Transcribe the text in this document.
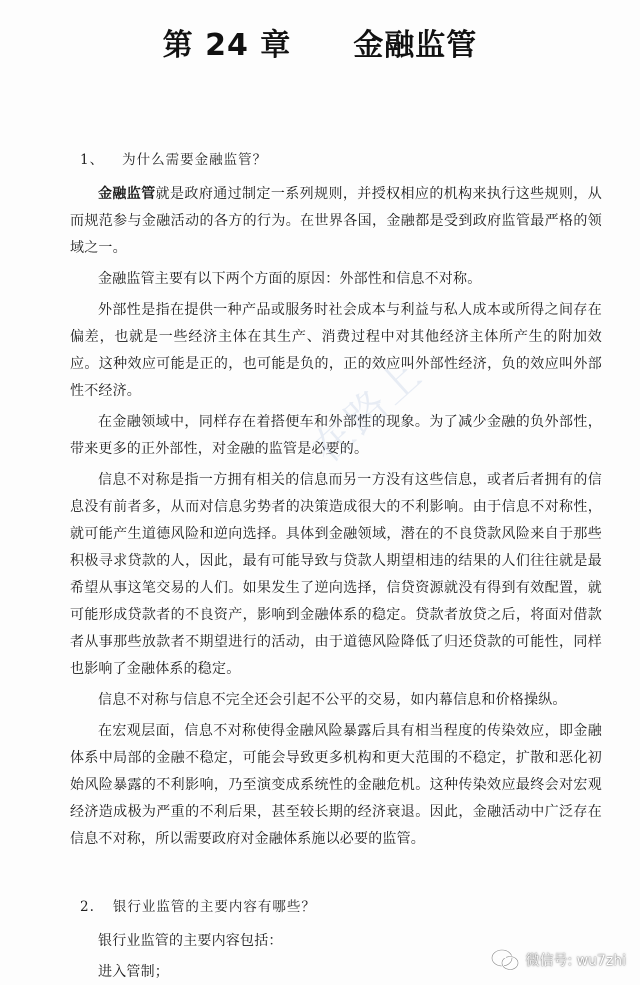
第 24 章 金融监管
1、 为什么需要金融监管？

金融监管就是政府通过制定一系列规则，并授权相应的机构来执行这些规则，从而规范参与金融活动的各方的行为。在世界各国，金融都是受到政府监管最严格的领域之一。

金融监管主要有以下两个方面的原因：外部性和信息不对称。

外部性是指在提供一种产品或服务时社会成本与利益与私人成本或所得之间存在偏差，也就是一些经济主体在其生产、消费过程中对其他经济主体所产生的附加效应。这种效应可能是正的，也可能是负的，正的效应叫外部性经济，负的效应叫外部性不经济。

在金融领域中，同样存在着搭便车和外部性的现象。为了减少金融的负外部性，带来更多的正外部性，对金融的监管是必要的。

信息不对称是指一方拥有相关的信息而另一方没有这些信息，或者后者拥有的信息没有前者多，从而对信息劣势者的决策造成很大的不利影响。由于信息不对称性，就可能产生道德风险和逆向选择。具体到金融领域，潜在的不良贷款风险来自于那些积极寻求贷款的人，因此，最有可能导致与贷款人期望相违的结果的人们往往就是最希望从事这笔交易的人们。如果发生了逆向选择，信贷资源就没有得到有效配置，就可能形成贷款者的不良资产，影响到金融体系的稳定。贷款者放贷之后，将面对借款者从事那些放款者不期望进行的活动，由于道德风险降低了归还贷款的可能性，同样也影响了金融体系的稳定。

信息不对称与信息不完全还会引起不公平的交易，如内幕信息和价格操纵。

在宏观层面，信息不对称使得金融风险暴露后具有相当程度的传染效应，即金融体系中局部的金融不稳定，可能会导致更多机构和更大范围的不稳定，扩散和恶化初始风险暴露的不利影响，乃至演变成系统性的金融危机。这种传染效应最终会对宏观经济造成极为严重的不利后果，甚至较长期的经济衰退。因此，金融活动中广泛存在信息不对称，所以需要政府对金融体系施以必要的监管。

2. 银行业监管的主要内容有哪些？

银行业监管的主要内容包括：

进入管制；

在路上
微信号: wu7zhi
